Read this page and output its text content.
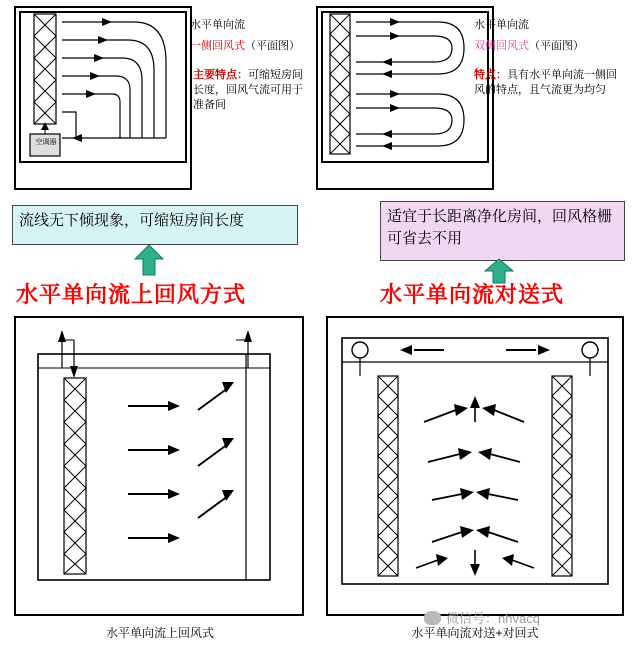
空调器
水平单向流
一侧回风式（平面图）
主要特点：可缩短房间长度，回风气流可用于准备间
水平单向流
双侧回风式（平面图）
特点：具有水平单向流一侧回风的特点，且气流更为均匀
流线无下倾现象，可缩短房间长度	适宜于长距离净化房间，回风格栅可省去不用
水平单向流上回风方式	水平单向流对送式
水平单向流上回风式	水平单向流对送+对回式
微信号：nhvacq
